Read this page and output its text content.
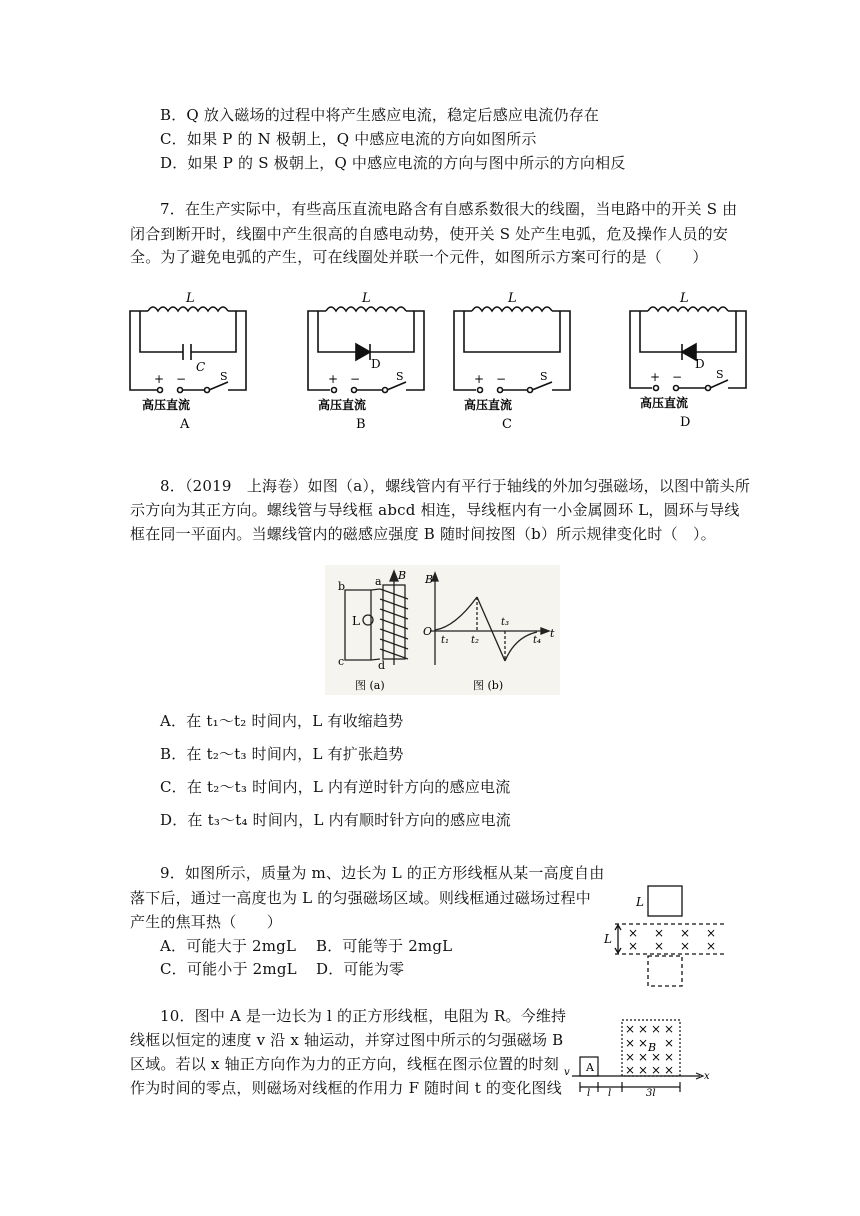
B．Q 放入磁场的过程中将产生感应电流，稳定后感应电流仍存在
C．如果 P 的 N 极朝上，Q 中感应电流的方向如图所示
D．如果 P 的 S 极朝上，Q 中感应电流的方向与图中所示的方向相反
7．在生产实际中，有些高压直流电路含有自感系数很大的线圈，当电路中的开关 S 由
闭合到断开时，线圈中产生很高的自感电动势，使开关 S 处产生电弧，危及操作人员的安
全。为了避免电弧的产生，可在线圈处并联一个元件，如图所示方案可行的是（　　）
L
C
+ −	S
高压直流
A
L
D
+ −	S
高压直流
B
L
+ −	S
高压直流
C
L
D
+ −	S
高压直流
D
8．（2019　上海卷）如图（a），螺线管内有平行于轴线的外加匀强磁场，以图中箭头所
示方向为其正方向。螺线管与导线框 abcd 相连，导线框内有一小金属圆环 L，圆环与导线
框在同一平面内。当螺线管内的磁感应强度 B 随时间按图（b）所示规律变化时（　）。
b	a
c	d
L
B
图 (a)
B
O	t
t₁ t₂
t₃
t₄
图 (b)
A．在 t₁～t₂ 时间内，L 有收缩趋势
B．在 t₂～t₃ 时间内，L 有扩张趋势
C．在 t₂～t₃ 时间内，L 内有逆时针方向的感应电流
D．在 t₃～t₄ 时间内，L 内有顺时针方向的感应电流
9．如图所示，质量为 m、边长为 L 的正方形线框从某一高度自由
落下后，通过一高度也为 L 的匀强磁场区域。则线框通过磁场过程中
产生的焦耳热（　　）
A．可能大于 2mgL B．可能等于 2mgL
C．可能小于 2mgL D．可能为零
L
L × × × ×
× × × ×
10．图中 A 是一边长为 l 的正方形线框，电阻为 R。今维持
线框以恒定的速度 v 沿 x 轴运动，并穿过图中所示的匀强磁场 B
区域。若以 x 轴正方向作为力的正方向，线框在图示位置的时刻
作为时间的零点，则磁场对线框的作用力 F 随时间 t 的变化图线
A
v	x
B
l l	3l
× × × ×
× × ×
× × × ×
× × × ×
